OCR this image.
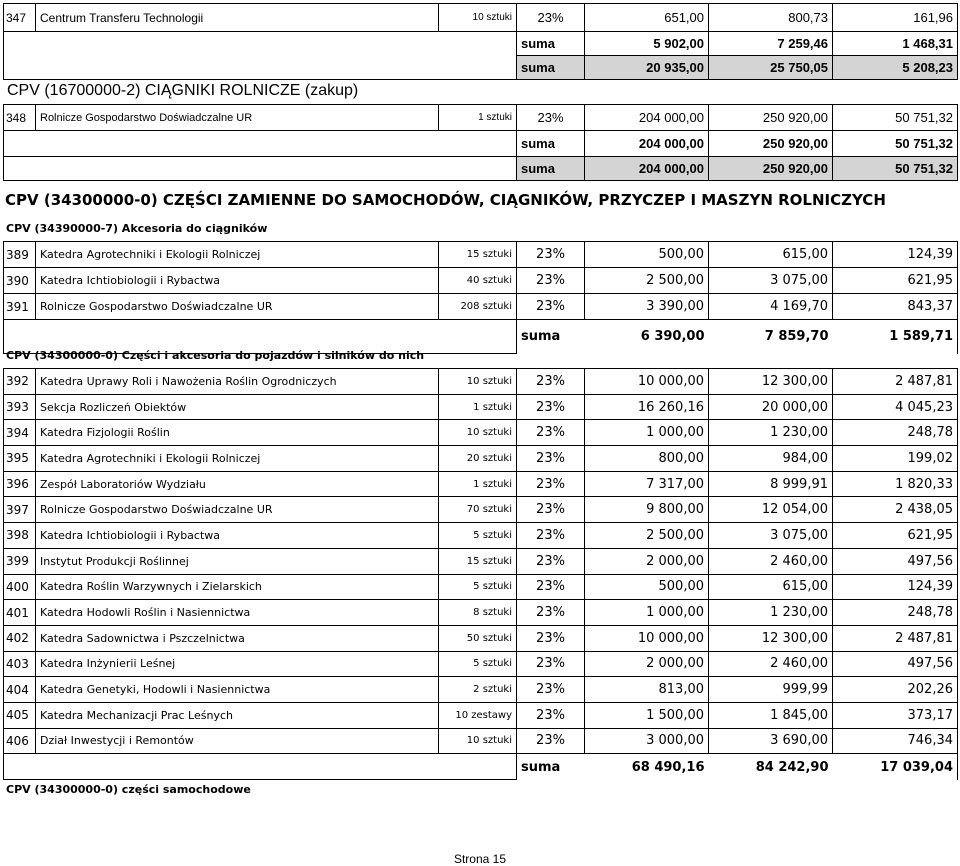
347	Centrum Transferu Technologii	10 sztuki	23%	651,00	800,73	161,96
			suma	5 902,00	7 259,46	1 468,31
			suma	20 935,00	25 750,05	5 208,23
CPV (16700000-2) CIĄGNIKI ROLNICZE (zakup)
348	Rolnicze Gospodarstwo Doświadczalne UR	1 sztuki	23%	204 000,00	250 920,00	50 751,32
			suma	204 000,00	250 920,00	50 751,32
			suma	204 000,00	250 920,00	50 751,32
CPV (34300000-0) CZĘŚCI ZAMIENNE DO SAMOCHODÓW, CIĄGNIKÓW, PRZYCZEP I MASZYN ROLNICZYCH
CPV (34390000-7) Akcesoria do ciągników
389	Katedra Agrotechniki i Ekologii Rolniczej	15 sztuki	23%	500,00	615,00	124,39
390	Katedra Ichtiobiologii i Rybactwa	40 sztuki	23%	2 500,00	3 075,00	621,95
391	Rolnicze Gospodarstwo Doświadczalne UR	208 sztuki	23%	3 390,00	4 169,70	843,37
			suma	6 390,00	7 859,70	1 589,71
CPV (34300000-0) Części i akcesoria do pojazdów i silników do nich
392	Katedra Uprawy Roli i Nawożenia Roślin Ogrodniczych	10 sztuki	23%	10 000,00	12 300,00	2 487,81
393	Sekcja Rozliczeń Obiektów	1 sztuki	23%	16 260,16	20 000,00	4 045,23
394	Katedra Fizjologii Roślin	10 sztuki	23%	1 000,00	1 230,00	248,78
395	Katedra Agrotechniki i Ekologii Rolniczej	20 sztuki	23%	800,00	984,00	199,02
396	Zespół Laboratoriów Wydziału	1 sztuki	23%	7 317,00	8 999,91	1 820,33
397	Rolnicze Gospodarstwo Doświadczalne UR	70 sztuki	23%	9 800,00	12 054,00	2 438,05
398	Katedra Ichtiobiologii i Rybactwa	5 sztuki	23%	2 500,00	3 075,00	621,95
399	Instytut Produkcji Roślinnej	15 sztuki	23%	2 000,00	2 460,00	497,56
400	Katedra Roślin Warzywnych i Zielarskich	5 sztuki	23%	500,00	615,00	124,39
401	Katedra Hodowli Roślin i Nasiennictwa	8 sztuki	23%	1 000,00	1 230,00	248,78
402	Katedra Sadownictwa i Pszczelnictwa	50 sztuki	23%	10 000,00	12 300,00	2 487,81
403	Katedra Inżynierii Leśnej	5 sztuki	23%	2 000,00	2 460,00	497,56
404	Katedra Genetyki, Hodowli i Nasiennictwa	2 sztuki	23%	813,00	999,99	202,26
405	Katedra Mechanizacji Prac Leśnych	10 zestawy	23%	1 500,00	1 845,00	373,17
406	Dział Inwestycji i Remontów	10 sztuki	23%	3 000,00	3 690,00	746,34
			suma	68 490,16	84 242,90	17 039,04
CPV (34300000-0) części samochodowe
Strona 15
